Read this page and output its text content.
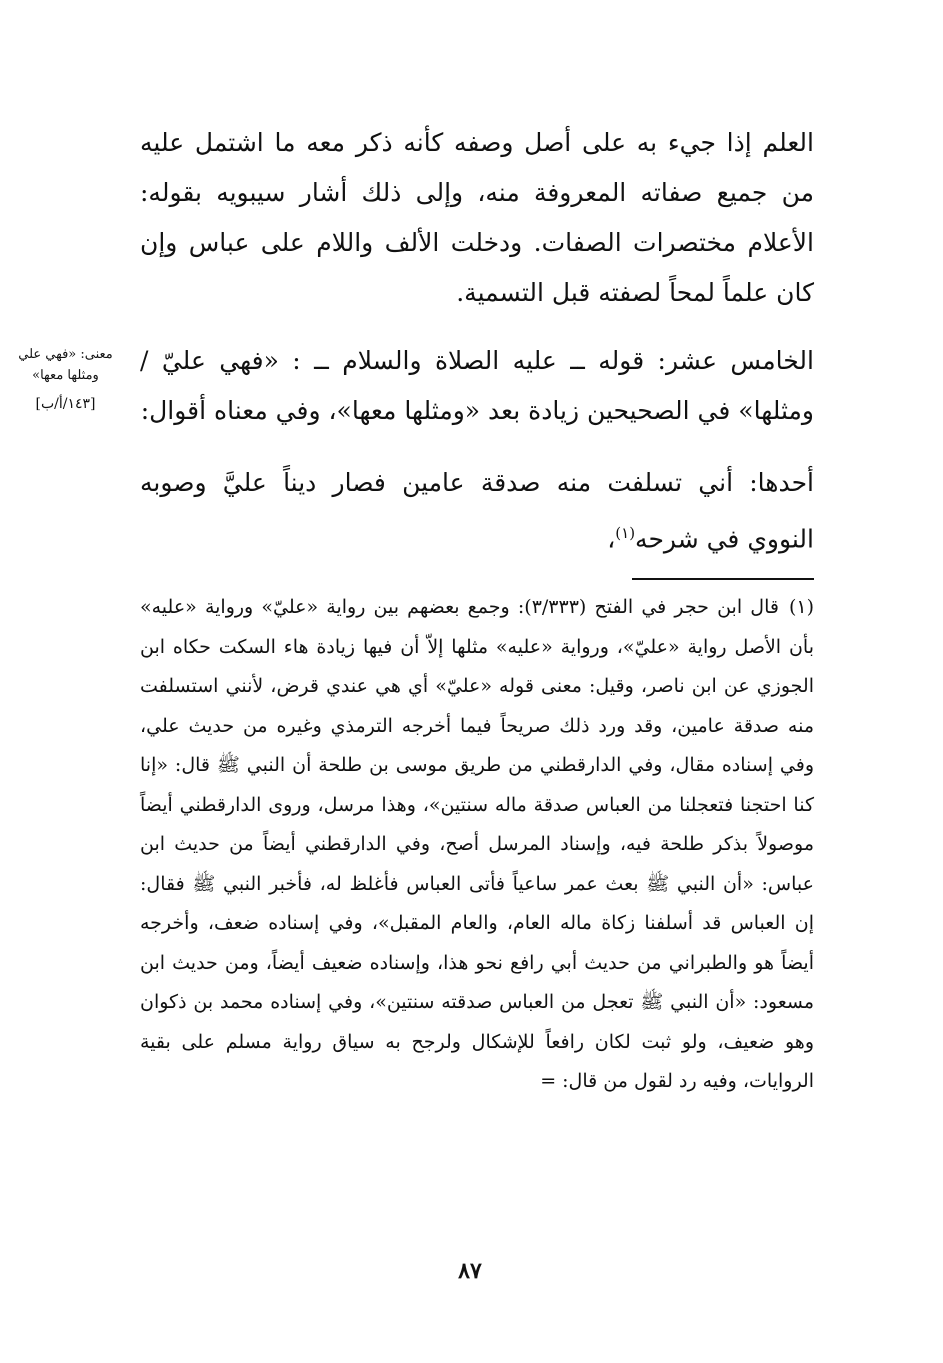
العلم إذا جيء به على أصل وصفه كأنه ذكر معه ما اشتمل عليه من جميع صفاته المعروفة منه، وإلى ذلك أشار سيبويه بقوله: الأعلام مختصرات الصفات. ودخلت الألف واللام على عباس وإن كان علماً لمحاً لصفته قبل التسمية.

الخامس عشر: قوله ــ عليه الصلاة والسلام ــ : «فهي عليّ / ومثلها» في الصحيحين زيادة بعد «ومثلها معها»، وفي معناه أقوال:

أحدها: أني تسلفت منه صدقة عامين فصار ديناً عليَّ وصوبه النووي في شرحه$^{(١)}$،

معنى: «فهي علي ومثلها معها»
[١٤٣/أ/ب]
(١)قال ابن حجر في الفتح (٣/٣٣٣): وجمع بعضهم بين رواية «عليّ» ورواية «عليه» بأن الأصل رواية «عليّ»، ورواية «عليه» مثلها إلاّ أن فيها زيادة هاء السكت حكاه ابن الجوزي عن ابن ناصر، وقيل: معنى قوله «عليّ» أي هي عندي قرض، لأنني استسلفت منه صدقة عامين، وقد ورد ذلك صريحاً فيما أخرجه الترمذي وغيره من حديث علي، وفي إسناده مقال، وفي الدارقطني من طريق موسى بن طلحة أن النبي ﷺ قال: «إنا كنا احتجنا فتعجلنا من العباس صدقة ماله سنتين»، وهذا مرسل، وروى الدارقطني أيضاً موصولاً بذكر طلحة فيه، وإسناد المرسل أصح، وفي الدارقطني أيضاً من حديث ابن عباس: «أن النبي ﷺ بعث عمر ساعياً فأتى العباس فأغلظ له، فأخبر النبي ﷺ فقال: إن العباس قد أسلفنا زكاة ماله العام، والعام المقبل»، وفي إسناده ضعف، وأخرجه أيضاً هو والطبراني من حديث أبي رافع نحو هذا، وإسناده ضعيف أيضاً، ومن حديث ابن مسعود: «أن النبي ﷺ تعجل من العباس صدقته سنتين»، وفي إسناده محمد بن ذكوان وهو ضعيف، ولو ثبت لكان رافعاً للإشكال ولرجح به سياق رواية مسلم على بقية الروايات، وفيه رد لقول من قال: =
٨٧
